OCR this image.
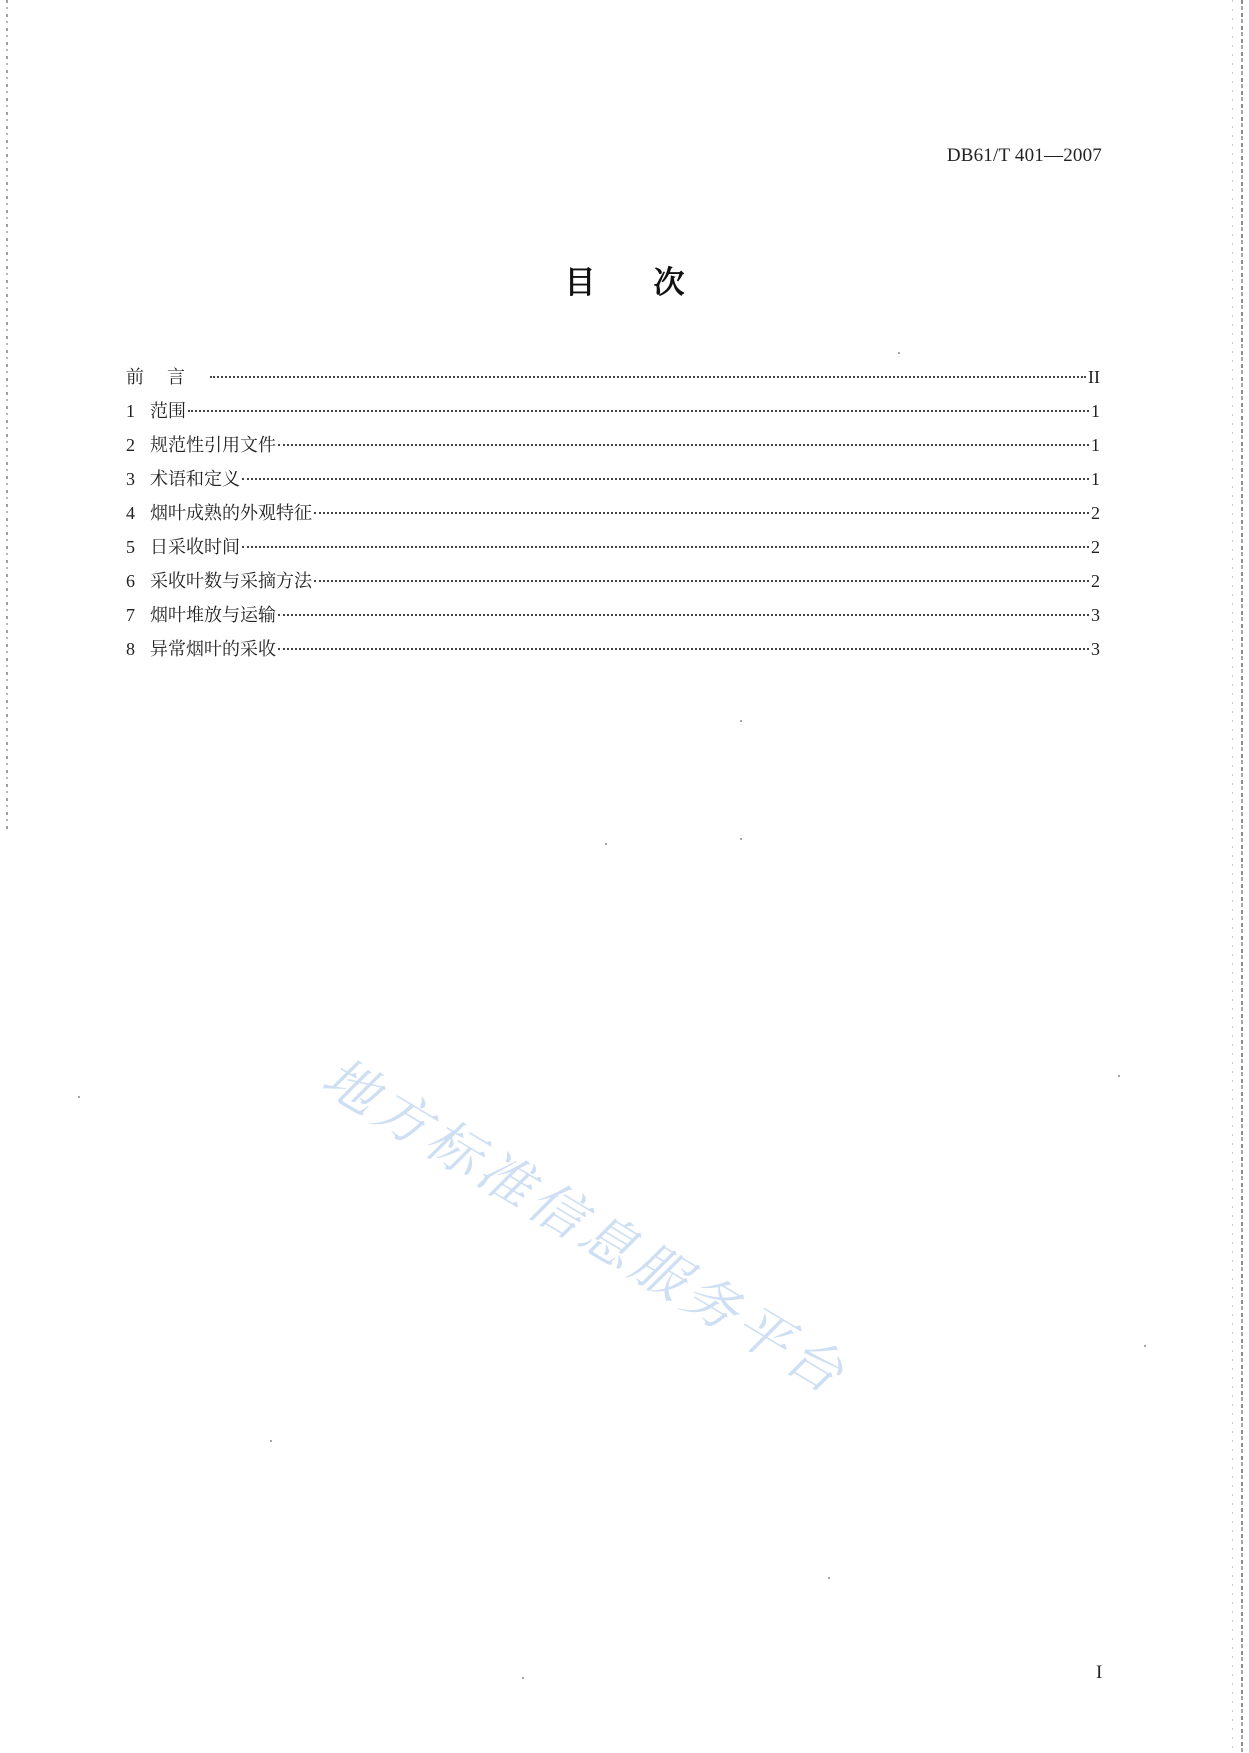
DB61/T 401—2007
目次
前言	II
1 范围	1
2 规范性引用文件	1
3 术语和定义	1
4 烟叶成熟的外观特征	2
5 日采收时间	2
6 采收叶数与采摘方法	2
7 烟叶堆放与运输	3
8 异常烟叶的采收	3
地方标准信息服务平台
I
